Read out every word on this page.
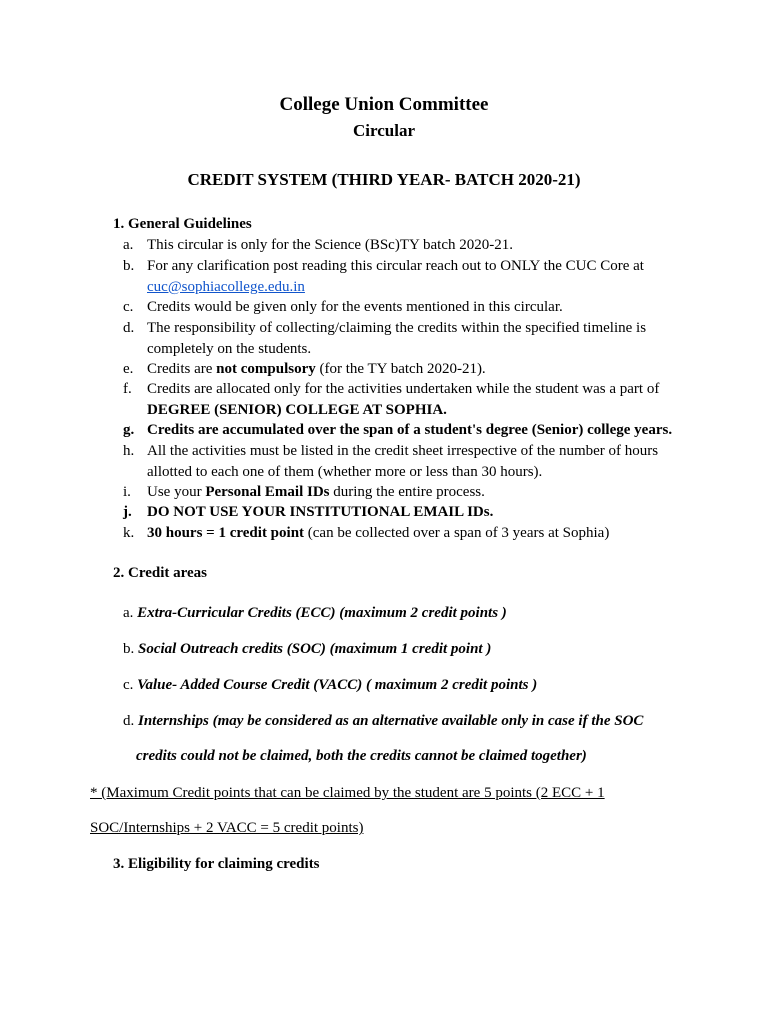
College Union Committee
Circular
CREDIT SYSTEM (THIRD YEAR- BATCH 2020-21)
1. General Guidelines
a. This circular is only for the Science (BSc)TY batch 2020-21.
b. For any clarification post reading this circular reach out to ONLY the CUC Core at
cuc@sophiacollege.edu.in
c. Credits would be given only for the events mentioned in this circular.
d. The responsibility of collecting/claiming the credits within the specified timeline is completely on the students.
e. Credits are not compulsory (for the TY batch 2020-21).
f. Credits are allocated only for the activities undertaken while the student was a part of
DEGREE (SENIOR) COLLEGE AT SOPHIA.
g. Credits are accumulated over the span of a student's degree (Senior) college years.
h. All the activities must be listed in the credit sheet irrespective of the number of hours allotted to each one of them (whether more or less than 30 hours).
i. Use your Personal Email IDs during the entire process.
j. DO NOT USE YOUR INSTITUTIONAL EMAIL IDs.
k. 30 hours = 1 credit point (can be collected over a span of 3 years at Sophia)
2. Credit areas
a. Extra-Curricular Credits (ECC) (maximum 2 credit points )
b. Social Outreach credits (SOC) (maximum 1 credit point )
c. Value- Added Course Credit (VACC) ( maximum 2 credit points )
d. Internships (may be considered as an alternative available only in case if the SOC
credits could not be claimed, both the credits cannot be claimed together)
* (Maximum Credit points that can be claimed by the student are 5 points (2 ECC + 1
SOC/Internships + 2 VACC = 5 credit points)
3. Eligibility for claiming credits
